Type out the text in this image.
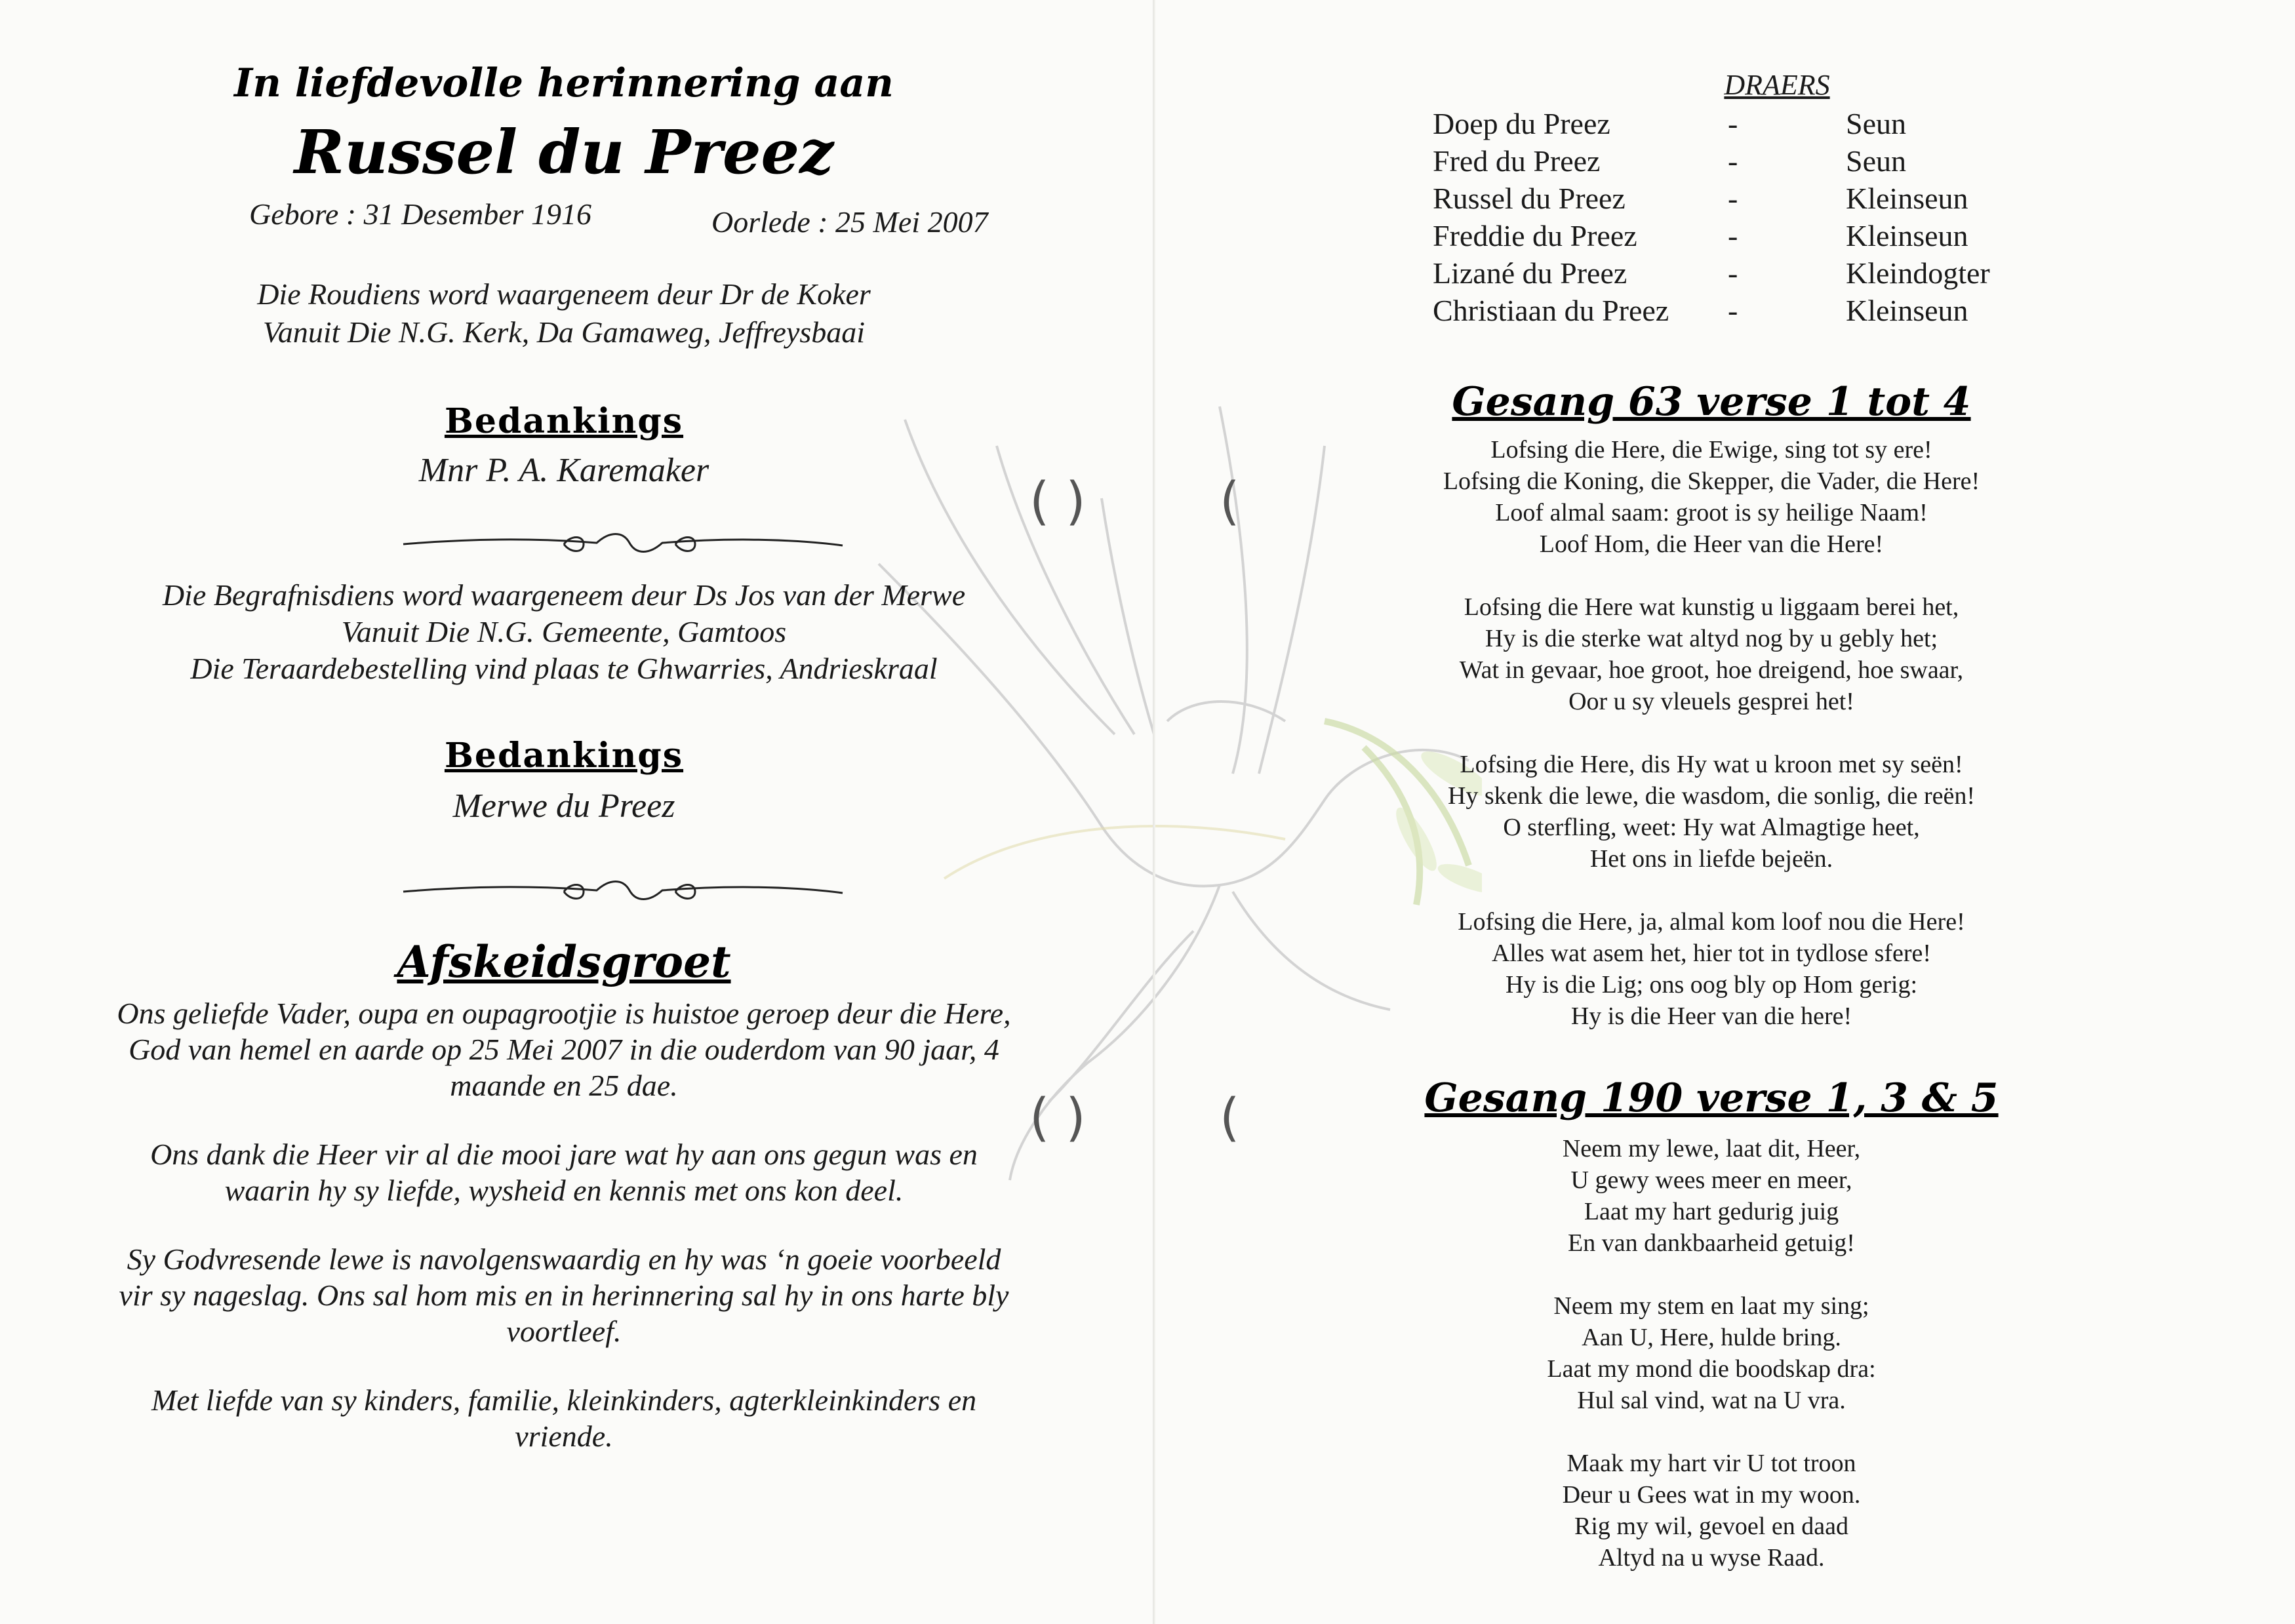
( )	(
( )	(
In liefdevolle herinnering aan
Russel du Preez
Gebore : 31 Desember 1916	Oorlede : 25 Mei 2007

Die Roudiens word waargeneem deur Dr de Koker

Vanuit Die N.G. Kerk, Da Gamaweg, Jeffreysbaai

Bedankings
Mnr P. A. Karemaker

Die Begrafnisdiens word waargeneem deur Ds Jos van der Merwe

Vanuit Die N.G. Gemeente, Gamtoos

Die Teraardebestelling vind plaas te Ghwarries, Andrieskraal

Bedankings
Merwe du Preez
Afskeidsgroet

Ons geliefde Vader, oupa en oupagrootjie is huistoe geroep deur die Here,

God van hemel en aarde op 25 Mei 2007 in die ouderdom van 90 jaar, 4

maande en 25 dae.

Ons dank die Heer vir al die mooi jare wat hy aan ons gegun was en

waarin hy sy liefde, wysheid en kennis met ons kon deel.

Sy Godvresende lewe is navolgenswaardig en hy was ‘n goeie voorbeeld

vir sy nageslag. Ons sal hom mis en in herinnering sal hy in ons harte bly

voortleef.

Met liefde van sy kinders, familie, kleinkinders, agterkleinkinders en

vriende.

DRAERS
Doep du Preez	-	Seun
Fred du Preez	-	Seun
Russel du Preez	-	Kleinseun
Freddie du Preez	-	Kleinseun
Lizané du Preez	-	Kleindogter
Christiaan du Preez	-	Kleinseun
Gesang 63 verse 1 tot 4

Lofsing die Here, die Ewige, sing tot sy ere!

Lofsing die Koning, die Skepper, die Vader, die Here!

Loof almal saam: groot is sy heilige Naam!

Loof Hom, die Heer van die Here!

Lofsing die Here wat kunstig u liggaam berei het,

Hy is die sterke wat altyd nog by u gebly het;

Wat in gevaar, hoe groot, hoe dreigend, hoe swaar,

Oor u sy vleuels gesprei het!

Lofsing die Here, dis Hy wat u kroon met sy seën!

Hy skenk die lewe, die wasdom, die sonlig, die reën!

O sterfling, weet: Hy wat Almagtige heet,

Het ons in liefde bejeën.

Lofsing die Here, ja, almal kom loof nou die Here!

Alles wat asem het, hier tot in tydlose sfere!

Hy is die Lig; ons oog bly op Hom gerig:

Hy is die Heer van die here!

Gesang 190 verse 1, 3 & 5

Neem my lewe, laat dit, Heer,

U gewy wees meer en meer,

Laat my hart gedurig juig

En van dankbaarheid getuig!

Neem my stem en laat my sing;

Aan U, Here, hulde bring.

Laat my mond die boodskap dra:

Hul sal vind, wat na U vra.

Maak my hart vir U tot troon

Deur u Gees wat in my woon.

Rig my wil, gevoel en daad

Altyd na u wyse Raad.
